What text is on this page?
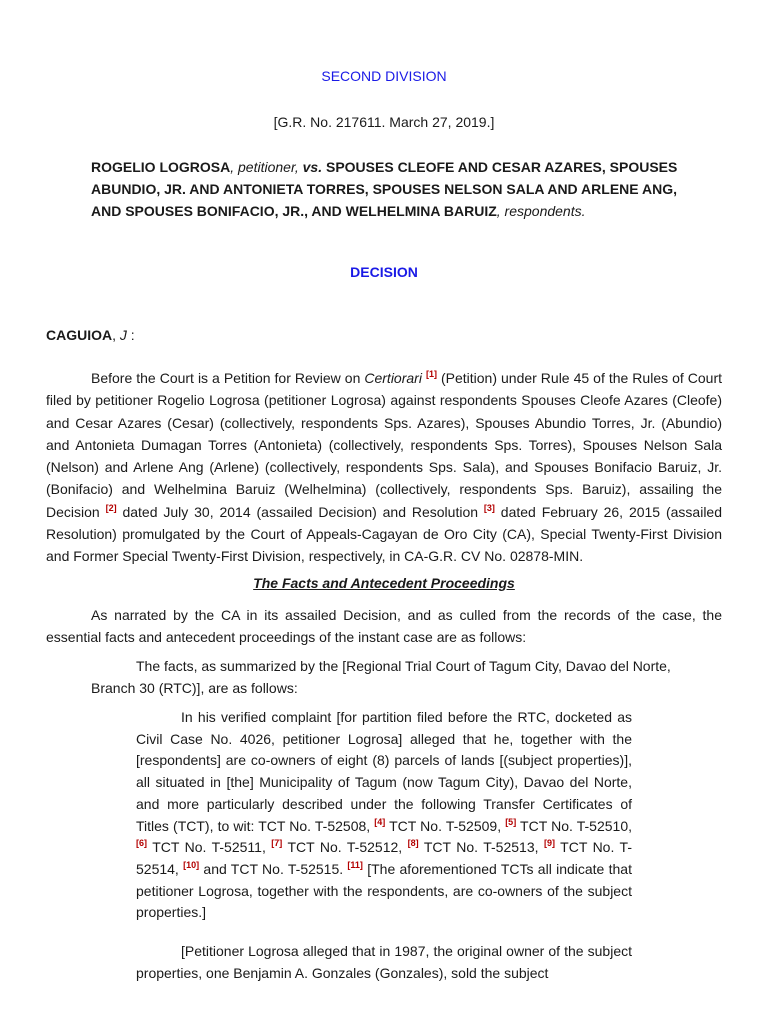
SECOND DIVISION
[G.R. No. 217611. March 27, 2019.]
ROGELIO LOGROSA, petitioner, vs. SPOUSES CLEOFE AND CESAR AZARES, SPOUSES ABUNDIO, JR. AND ANTONIETA TORRES, SPOUSES NELSON SALA AND ARLENE ANG, AND SPOUSES BONIFACIO, JR., AND WELHELMINA BARUIZ, respondents.
DECISION
CAGUIOA, J :
Before the Court is a Petition for Review on Certiorari [1] (Petition) under Rule 45 of the Rules of Court filed by petitioner Rogelio Logrosa (petitioner Logrosa) against respondents Spouses Cleofe Azares (Cleofe) and Cesar Azares (Cesar) (collectively, respondents Sps. Azares), Spouses Abundio Torres, Jr. (Abundio) and Antonieta Dumagan Torres (Antonieta) (collectively, respondents Sps. Torres), Spouses Nelson Sala (Nelson) and Arlene Ang (Arlene) (collectively, respondents Sps. Sala), and Spouses Bonifacio Baruiz, Jr. (Bonifacio) and Welhelmina Baruiz (Welhelmina) (collectively, respondents Sps. Baruiz), assailing the Decision [2] dated July 30, 2014 (assailed Decision) and Resolution [3] dated February 26, 2015 (assailed Resolution) promulgated by the Court of Appeals-Cagayan de Oro City (CA), Special Twenty-First Division and Former Special Twenty-First Division, respectively, in CA-G.R. CV No. 02878-MIN.
The Facts and Antecedent Proceedings
As narrated by the CA in its assailed Decision, and as culled from the records of the case, the essential facts and antecedent proceedings of the instant case are as follows:
The facts, as summarized by the [Regional Trial Court of Tagum City, Davao del Norte, Branch 30 (RTC)], are as follows:
In his verified complaint [for partition filed before the RTC, docketed as Civil Case No. 4026, petitioner Logrosa] alleged that he, together with the [respondents] are co-owners of eight (8) parcels of lands [(subject properties)], all situated in [the] Municipality of Tagum (now Tagum City), Davao del Norte, and more particularly described under the following Transfer Certificates of Titles (TCT), to wit: TCT No. T-52508, [4] TCT No. T-52509, [5] TCT No. T-52510, [6] TCT No. T-52511, [7] TCT No. T-52512, [8] TCT No. T-52513, [9] TCT No. T-52514, [10] and TCT No. T-52515. [11] [The aforementioned TCTs all indicate that petitioner Logrosa, together with the respondents, are co-owners of the subject properties.]
[Petitioner Logrosa alleged that in 1987, the original owner of the subject properties, one Benjamin A. Gonzales (Gonzales), sold the subject
